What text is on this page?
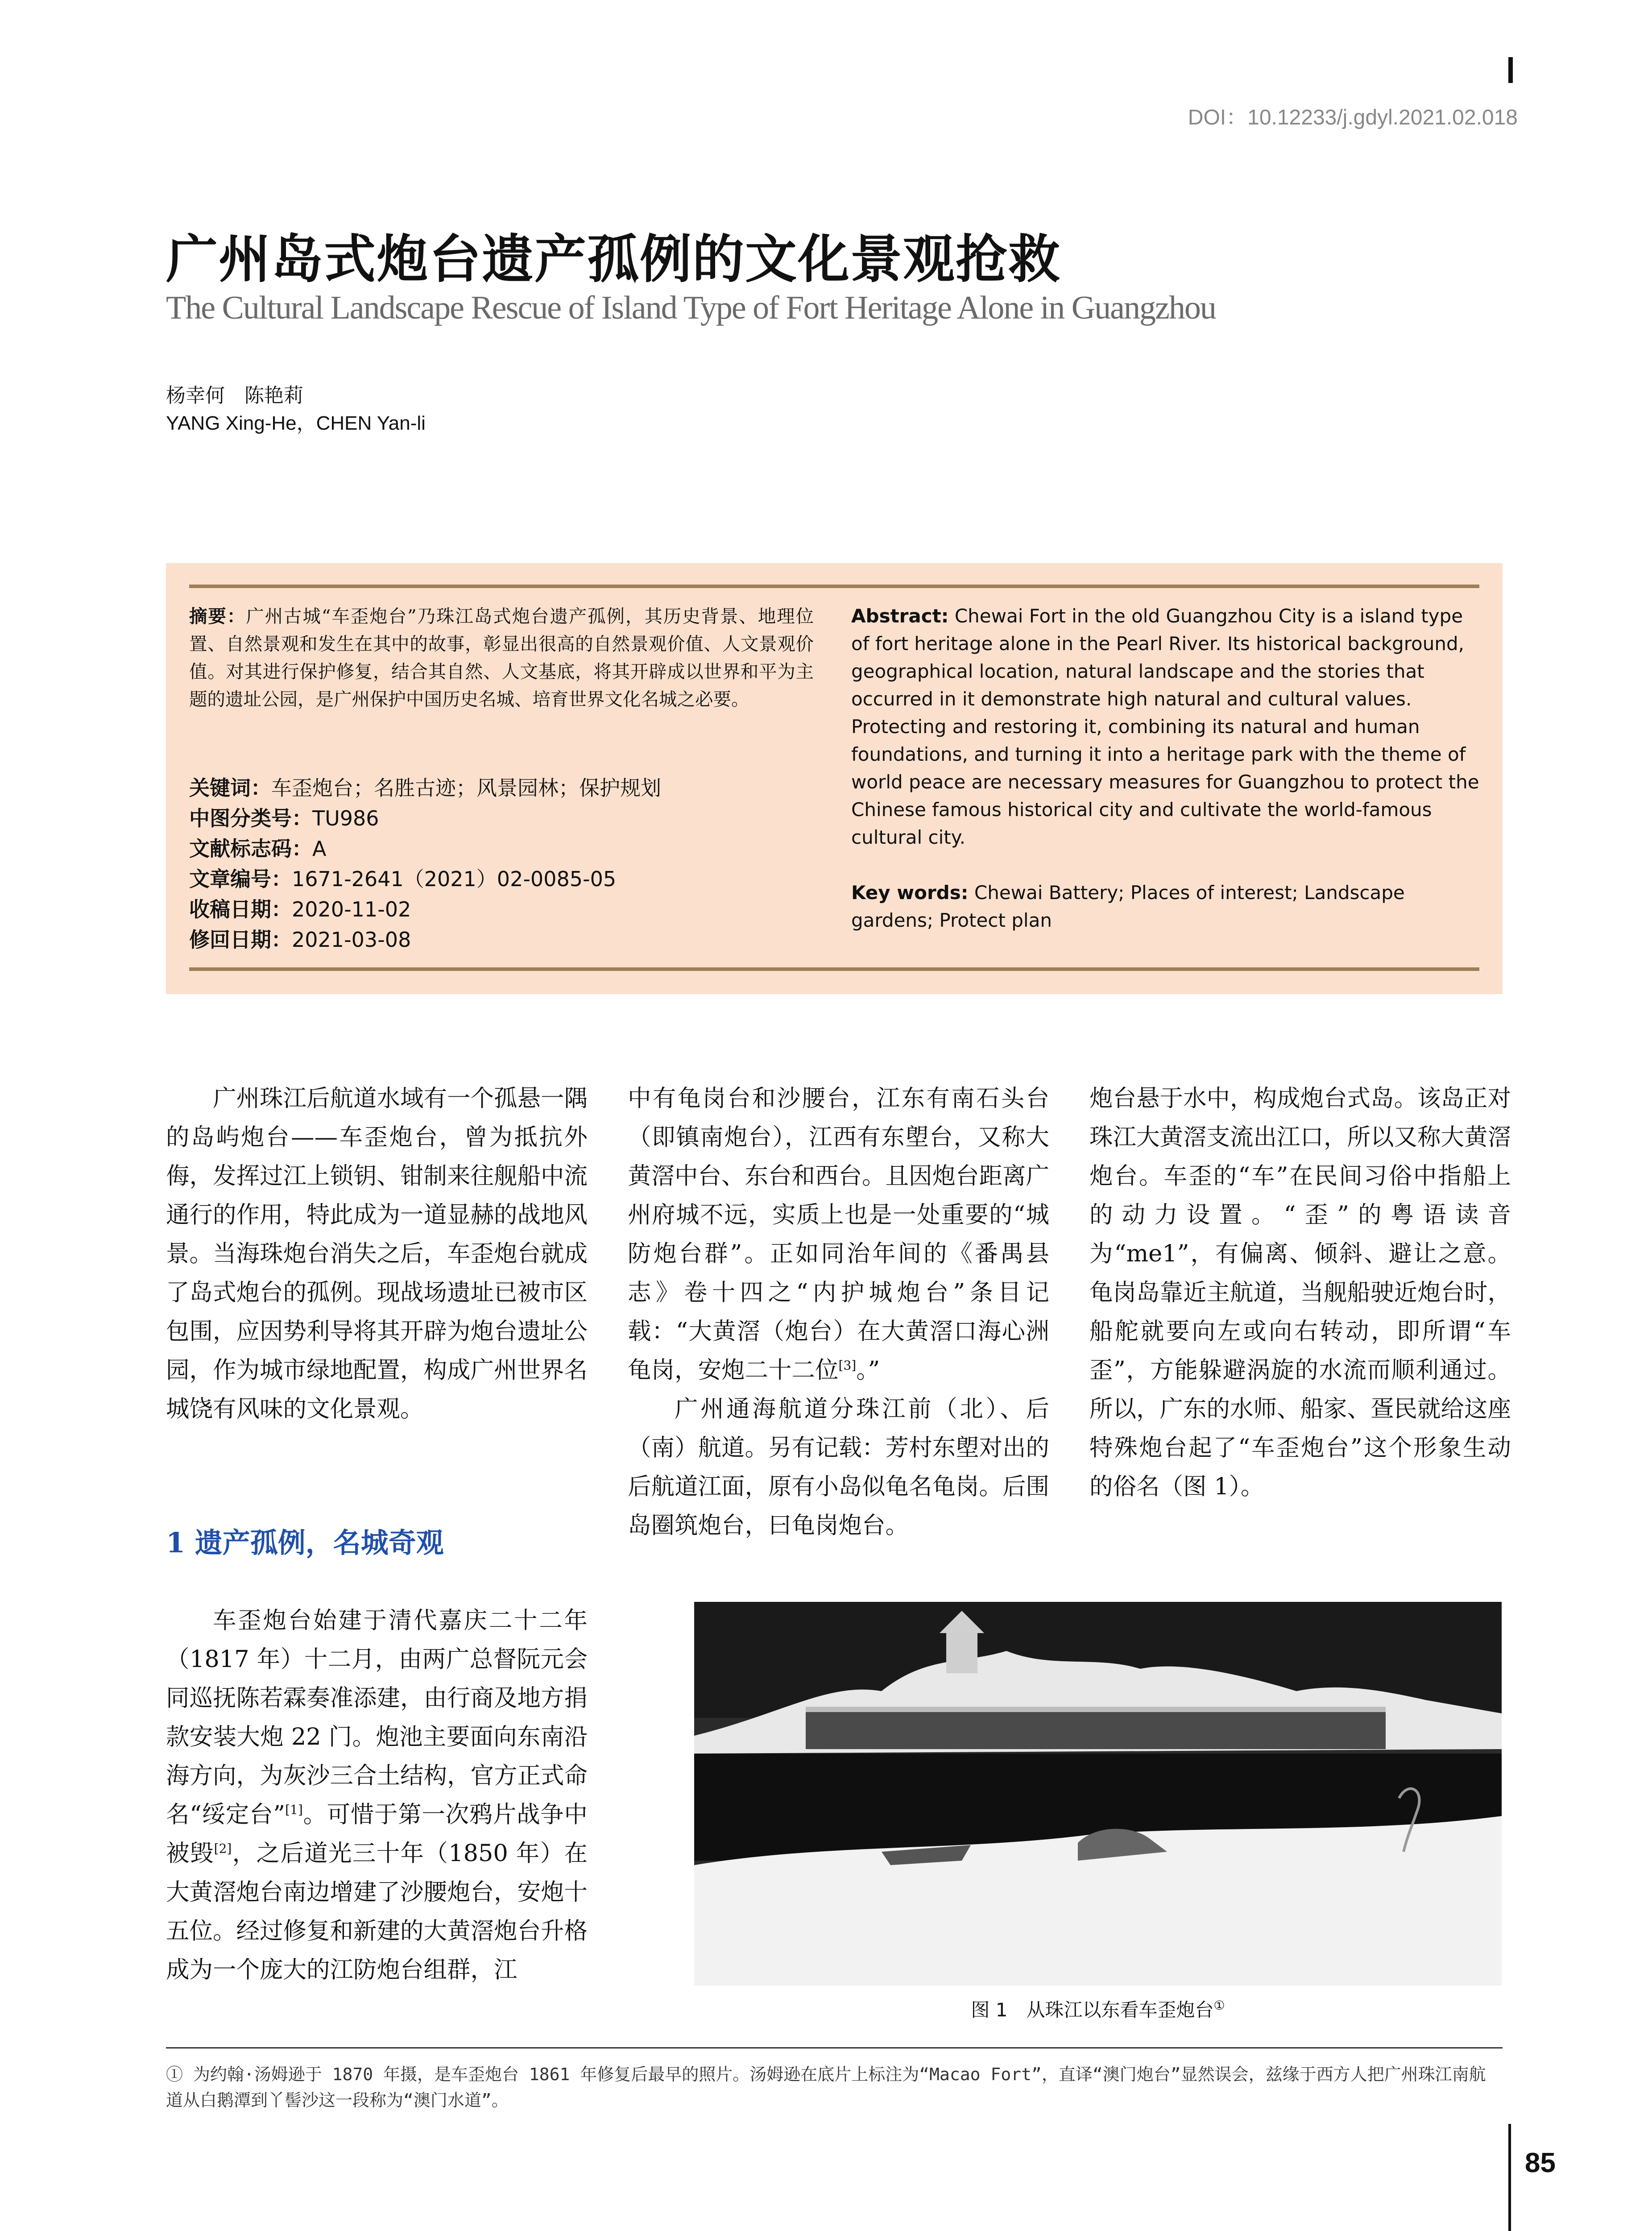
DOI：10.12233/j.gdyl.2021.02.018
广州岛式炮台遗产孤例的文化景观抢救
The Cultural Landscape Rescue of Island Type of Fort Heritage Alone in Guangzhou
杨幸何　陈艳莉
YANG Xing-He，CHEN Yan-li
摘要：广州古城“车歪炮台”乃珠江岛式炮台遗产孤例，其历史背景、地理位置、自然景观和发生在其中的故事，彰显出很高的自然景观价值、人文景观价值。对其进行保护修复，结合其自然、人文基底，将其开辟成以世界和平为主题的遗址公园，是广州保护中国历史名城、培育世界文化名城之必要。
关键词：车歪炮台；名胜古迹；风景园林；保护规划
中图分类号：TU986
文献标志码：A
文章编号：1671-2641（2021）02-0085-05
收稿日期：2020-11-02
修回日期：2021-03-08
Abstract: Chewai Fort in the old Guangzhou City is a island type of fort heritage alone in the Pearl River. Its historical background, geographical location, natural landscape and the stories that occurred in it demonstrate high natural and cultural values. Protecting and restoring it, combining its natural and human foundations, and turning it into a heritage park with the theme of world peace are necessary measures for Guangzhou to protect the Chinese famous historical city and cultivate the world-famous cultural city.
Key words: Chewai Battery; Places of interest; Landscape gardens; Protect plan

广州珠江后航道水域有一个孤悬一隅的岛屿炮台——车歪炮台，曾为抵抗外侮，发挥过江上锁钥、钳制来往舰船中流通行的作用，特此成为一道显赫的战地风景。当海珠炮台消失之后，车歪炮台就成了岛式炮台的孤例。现战场遗址已被市区包围，应因势利导将其开辟为炮台遗址公园，作为城市绿地配置，构成广州世界名城饶有风味的文化景观。

1 遗产孤例，名城奇观

车歪炮台始建于清代嘉庆二十二年（1817 年）十二月，由两广总督阮元会同巡抚陈若霖奏准添建，由行商及地方捐款安装大炮 22 门。炮池主要面向东南沿海方向，为灰沙三合土结构，官方正式命名“绥定台”[1]。可惜于第一次鸦片战争中被毁[2]，之后道光三十年（1850 年）在大黄滘炮台南边增建了沙腰炮台，安炮十五位。经过修复和新建的大黄滘炮台升格成为一个庞大的江防炮台组群，江

中有龟岗台和沙腰台，江东有南石头台（即镇南炮台），江西有东塱台，又称大黄滘中台、东台和西台。且因炮台距离广州府城不远，实质上也是一处重要的“城防炮台群”。正如同治年间的《番禺县志》卷十四之“内护城炮台”条目记载：“大黄滘（炮台）在大黄滘口海心洲龟岗，安炮二十二位[3]。”

广州通海航道分珠江前（北）、后（南）航道。另有记载：芳村东塱对出的后航道江面，原有小岛似龟名龟岗。后围岛圈筑炮台，曰龟岗炮台。

炮台悬于水中，构成炮台式岛。该岛正对珠江大黄滘支流出江口，所以又称大黄滘炮台。车歪的“车”在民间习俗中指船上的动力设置。“歪”的粤语读音为“me1”，有偏离、倾斜、避让之意。龟岗岛靠近主航道，当舰船驶近炮台时，船舵就要向左或向右转动，即所谓“车歪”，方能躲避涡旋的水流而顺利通过。所以，广东的水师、船家、疍民就给这座特殊炮台起了“车歪炮台”这个形象生动的俗名（图 1）。

图 1　从珠江以东看车歪炮台①
① 为约翰·汤姆逊于 1870 年摄，是车歪炮台 1861 年修复后最早的照片。汤姆逊在底片上标注为“Macao Fort”，直译“澳门炮台”显然误会，兹缘于西方人把广州珠江南航道从白鹅潭到丫髻沙这一段称为“澳门水道”。
85
